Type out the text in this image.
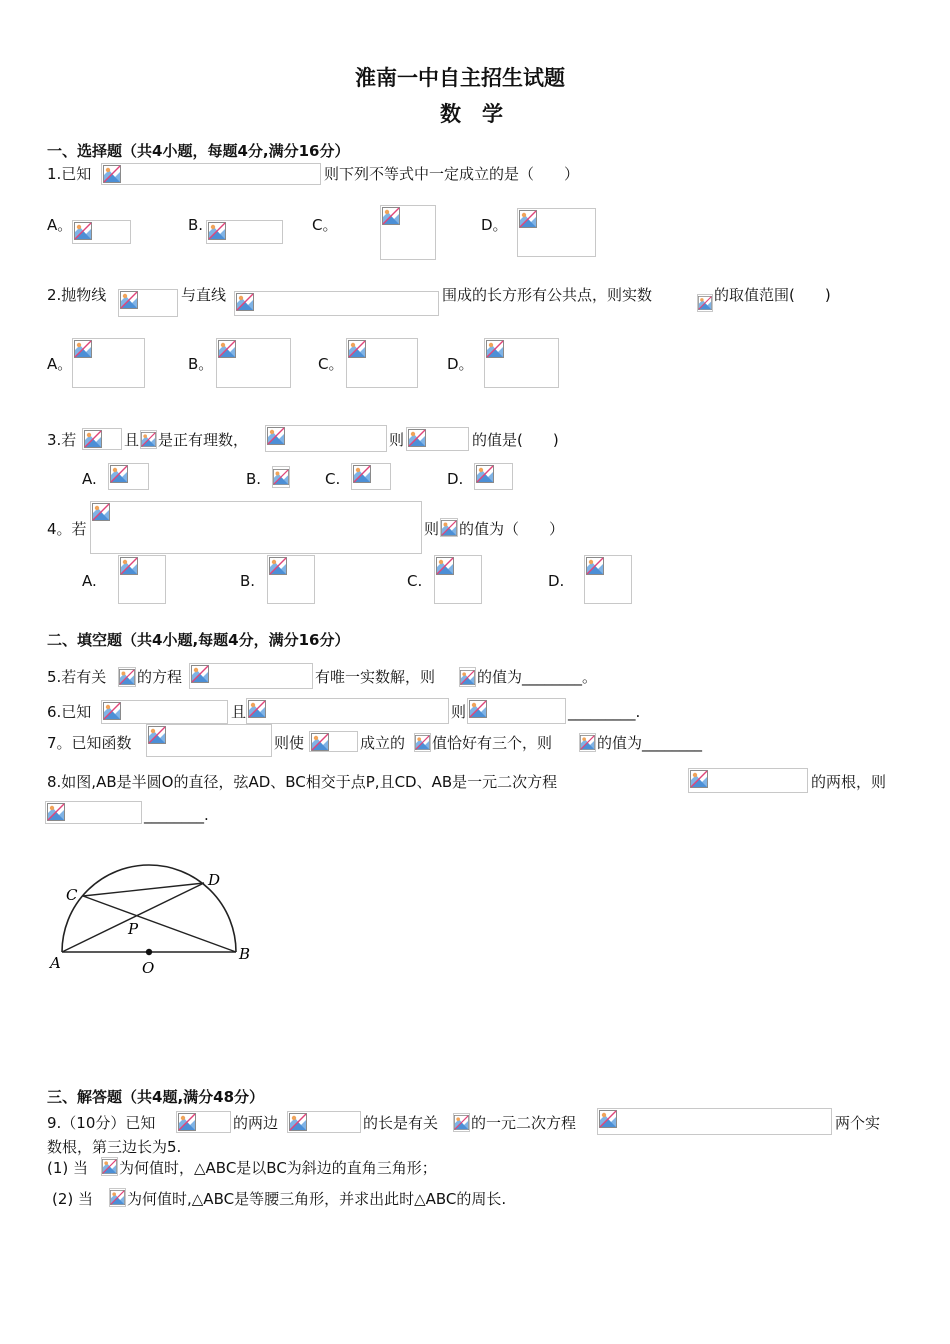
淮南一中自主招生试题
数　学
一、选择题（共4小题，每题4分,满分16分）
1.已知	则下列不等式中一定成立的是（　　）
A。	B.	C。	D。
2.抛物线	与直线	围成的长方形有公共点，则实数	的取值范围(　　)
A。	B。	C。	D。
3.若	且 是正有理数，	则	的值是(　　)
A.	B.	C.	D.
4。若	则 的值为（　　）
A.	B.	C.	D.
二、填空题（共4小题,每题4分，满分16分）
5.若有关 的方程	有唯一实数解，则	的值为________。
6.已知	且	则	_________.
7。已知函数	则使	成立的 值恰好有三个，则	的值为________
8.如图,AB是半圆O的直径，弦AD、BC相交于点P,且CD、AB是一元二次方程	的两根，则
________.
A	B
C
D
O
P
三、解答题（共4题,满分48分）
9.（10分）已知	的两边	的长是有关 的一元二次方程	两个实
数根，第三边长为5.
(1) 当 为何值时，△ABC是以BC为斜边的直角三角形；
(2) 当 为何值时,△ABC是等腰三角形，并求出此时△ABC的周长.
